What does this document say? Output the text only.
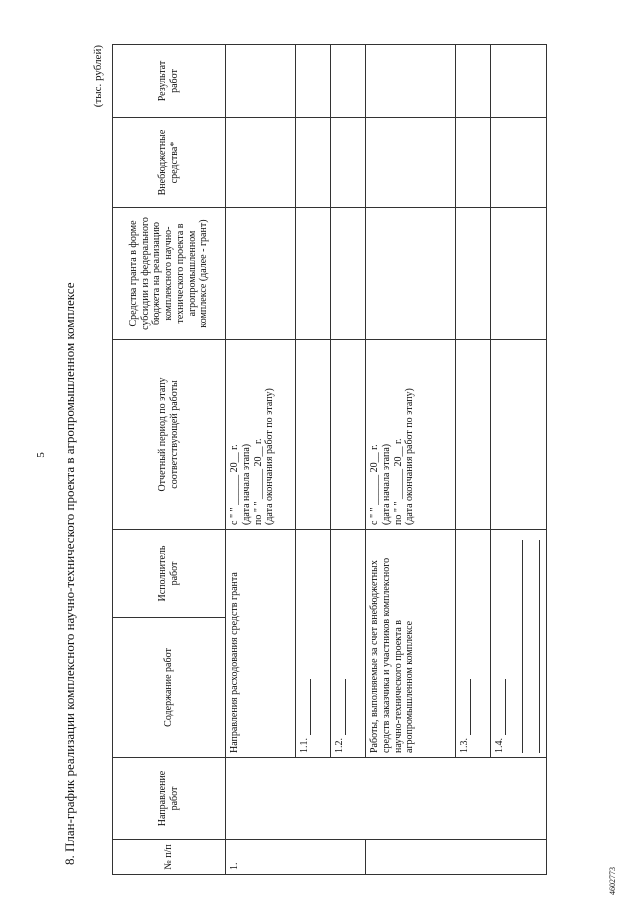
5 8. План-график реализации комплексного научно-технического проекта в агропромышленном комплексе
(тыс. рублей)
№ п/п	Направление работ	Содержание работ	Исполнитель работ	Отчетный период по этапу соответствующей работы	Средства гранта в форме субсидии из федерального бюджета на реализацию комплексного научно-технического проекта в агропромышленном комплексе (далее - грант)	Внебюджетные средства*	Результат работ
1.		Направления расходования средств гранта		с " " ______ 20__ г. (дата начала этапа) по " " ______ 20__ г. (дата окончания работ по этапу)			

		1.1.					
		1.2.					
		Работы, выполняемые за счет внебюджетных средств заказчика и участников комплексного научно-технического проекта в агропромышленном комплексе		с " " ______ 20__ г. (дата начала этапа) по " " ______ 20__ г. (дата окончания работ по этапу)			

		1.3.					
		1.4.	

4602773
